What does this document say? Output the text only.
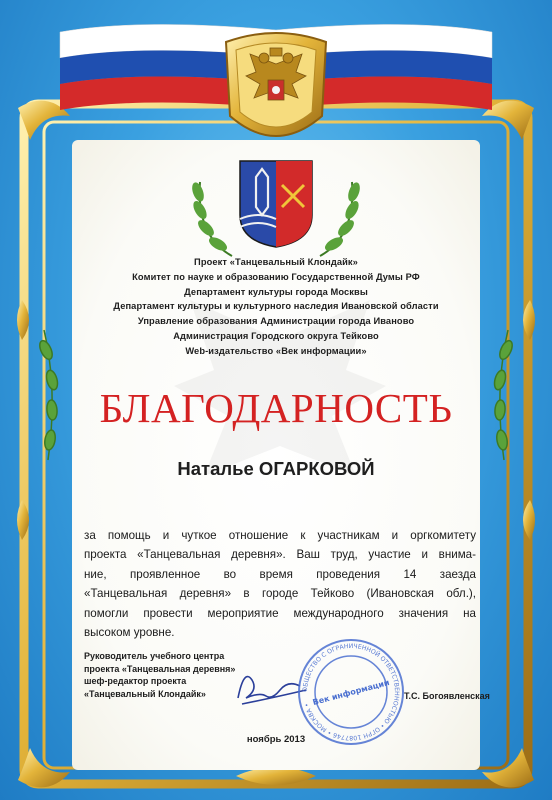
Проект «Танцевальный Клондайк»
Комитет по науке и образованию Государственной Думы РФ
Департамент культуры города Москвы
Департамент культуры и культурного наследия Ивановской области
Управление образования Администрации города Иваново
Администрация Городского округа Тейково
Web-издательство «Век информации»
БЛАГОДАРНОСТЬ
Наталье ОГАРКОВОЙ
за помощь и чуткое отношение к участникам и оргкомитету
проекта «Танцевальная деревня». Ваш труд, участие и внима-
ние, проявленное во время проведения 14 заезда
«Танцевальная деревня» в городе Тейково (Ивановская обл.),
помогли провести мероприятие международного значения на
высоком уровне.
Руководитель учебного центра
проекта «Танцевальная деревня»
шеф-редактор проекта
«Танцевальный Клондайк»	ОБЩЕСТВО С ОГРАНИЧЕННОЙ ОТВЕТСТВЕННОСТЬЮ • ОГРН 1087746 • МОСКВА • Век информации Т.С. Богоявленская
ноябрь 2013
